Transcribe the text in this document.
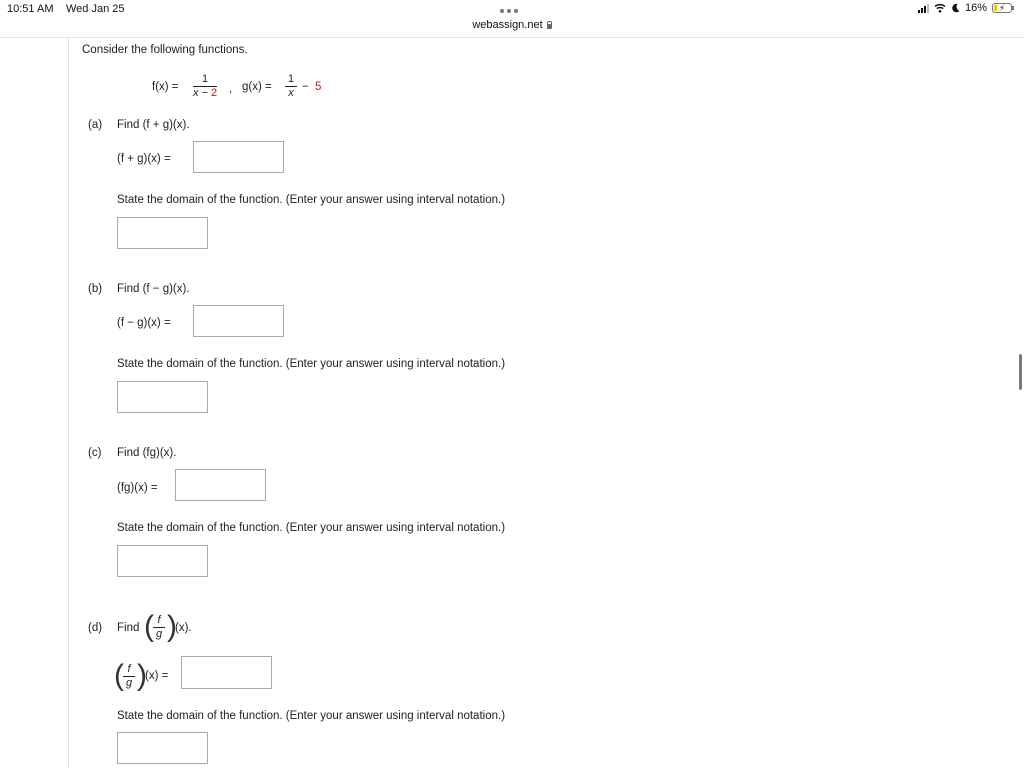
10:51 AM Wed Jan 25	16%	⚡
webassign.net
Consider the following functions.
$f(x) = \frac{1}{x - 2}$ , $g(x) = \frac{1}{x} - 5$
(a) Find (f + g)(x).
(f + g)(x) =
State the domain of the function. (Enter your answer using interval notation.)
(b) Find (f − g)(x).
(f − g)(x) =
State the domain of the function. (Enter your answer using interval notation.)
(c) Find (fg)(x).
(fg)(x) =
State the domain of the function. (Enter your answer using interval notation.)
(d) Find ( $\frac{f}{g}$ )
(x).
( $\frac{f}{g}$ )
(x) =
State the domain of the function. (Enter your answer using interval notation.)
